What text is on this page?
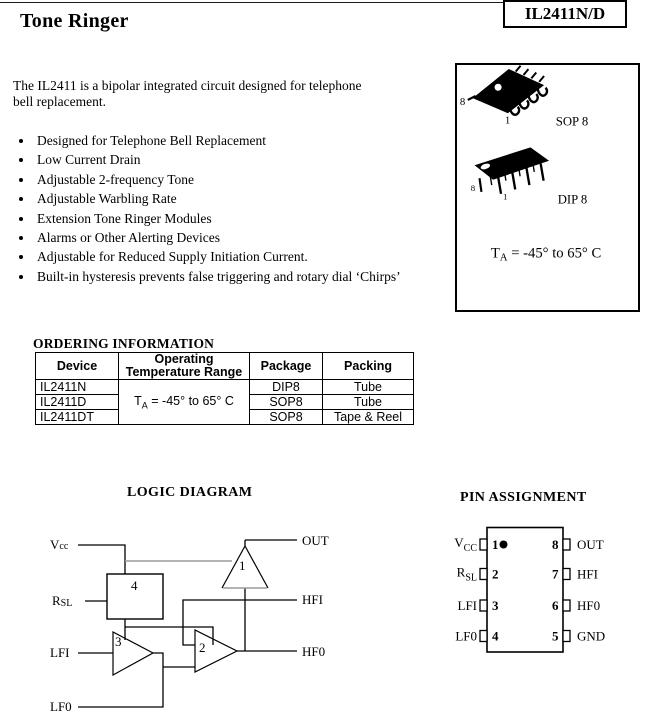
Tone Ringer	IL2411N/D
The IL2411 is a bipolar integrated circuit designed for telephone bell replacement.
• Designed for Telephone Bell Replacement
• Low Current Drain
• Adjustable 2-frequency Tone
• Adjustable Warbling Rate
• Extension Tone Ringer Modules
• Alarms or Other Alerting Devices
• Adjustable for Reduced Supply Initiation Current.
• Built-in hysteresis prevents false triggering and rotary dial ‘Chirps’
8
1	SOP 8
8
1	DIP 8
$T_A = -45^\circ$ to 65° C
ORDERING INFORMATION
Device	Operating Temperature Range	Package	Packing
IL2411N	$T_A = -45^\circ$ to 65° C	DIP8	Tube
IL2411D		SOP8	Tube
IL2411DT		SOP8	Tape & Reel
LOGIC DIAGRAM
4
1
3	2
Vcc
RSL
LFI
LF0
OUT
HFI
HF0
PIN ASSIGNMENT
1
2
3
4
8
7
6
5
$V_{CC}$
$R_{SL}$
LFI
LF0
OUT
HFI
HF0
GND
